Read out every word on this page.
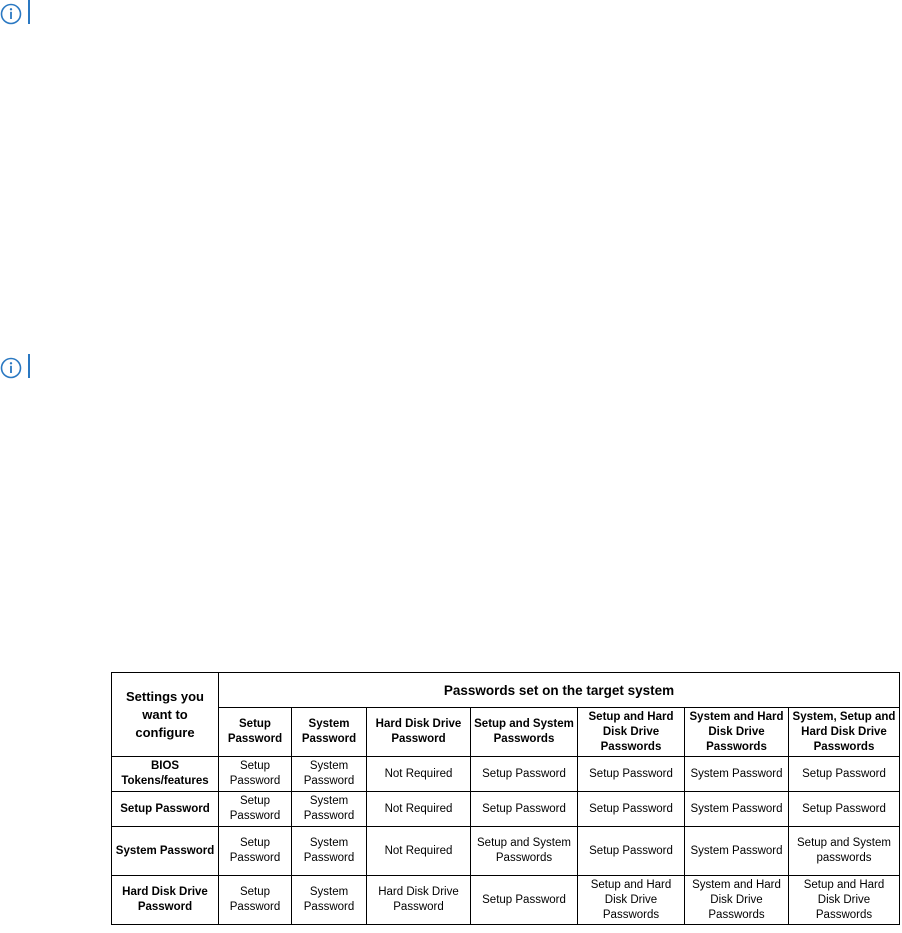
Settings you want to configure	Passwords set on the target system						
	Setup Password	System Password	Hard Disk Drive Password	Setup and System Passwords	Setup and Hard Disk Drive Passwords	System and Hard Disk Drive Passwords	System, Setup and Hard Disk Drive Passwords
BIOS Tokens/features	Setup Password	System Password	Not Required	Setup Password	Setup Password	System Password	Setup Password
Setup Password	Setup Password	System Password	Not Required	Setup Password	Setup Password	System Password	Setup Password
System Password	Setup Password	System Password	Not Required	Setup and System Passwords	Setup Password	System Password	Setup and System passwords
Hard Disk Drive Password	Setup Password	System Password	Hard Disk Drive Password	Setup Password	Setup and Hard Disk Drive Passwords	System and Hard Disk Drive Passwords	Setup and Hard Disk Drive Passwords
